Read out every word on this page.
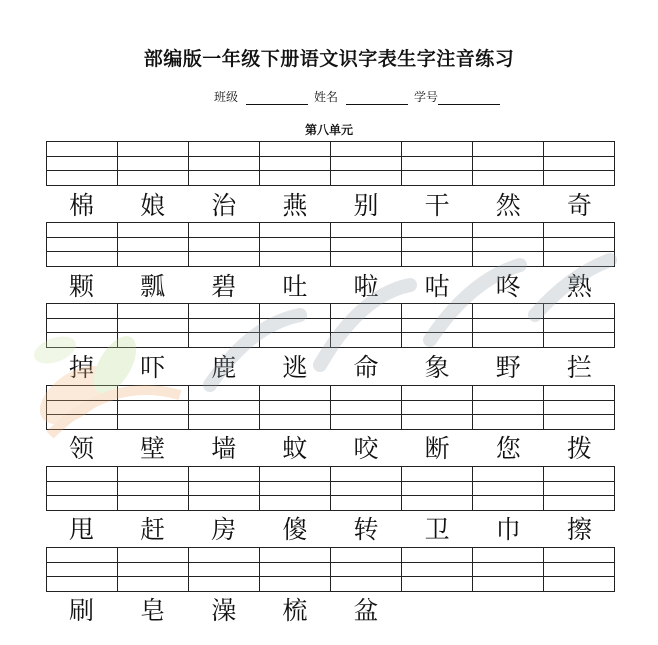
部编版一年级下册语文识字表生字注音练习
班级	姓名	学号
第八单元
棉	娘	治	燕	别	干	然	奇
颗	瓢	碧	吐	啦	咕	咚	熟
掉	吓	鹿	逃	命	象	野	拦
领	壁	墙	蚊	咬	断	您	拨
甩	赶	房	傻	转	卫	巾	擦
刷	皂	澡	梳	盆
